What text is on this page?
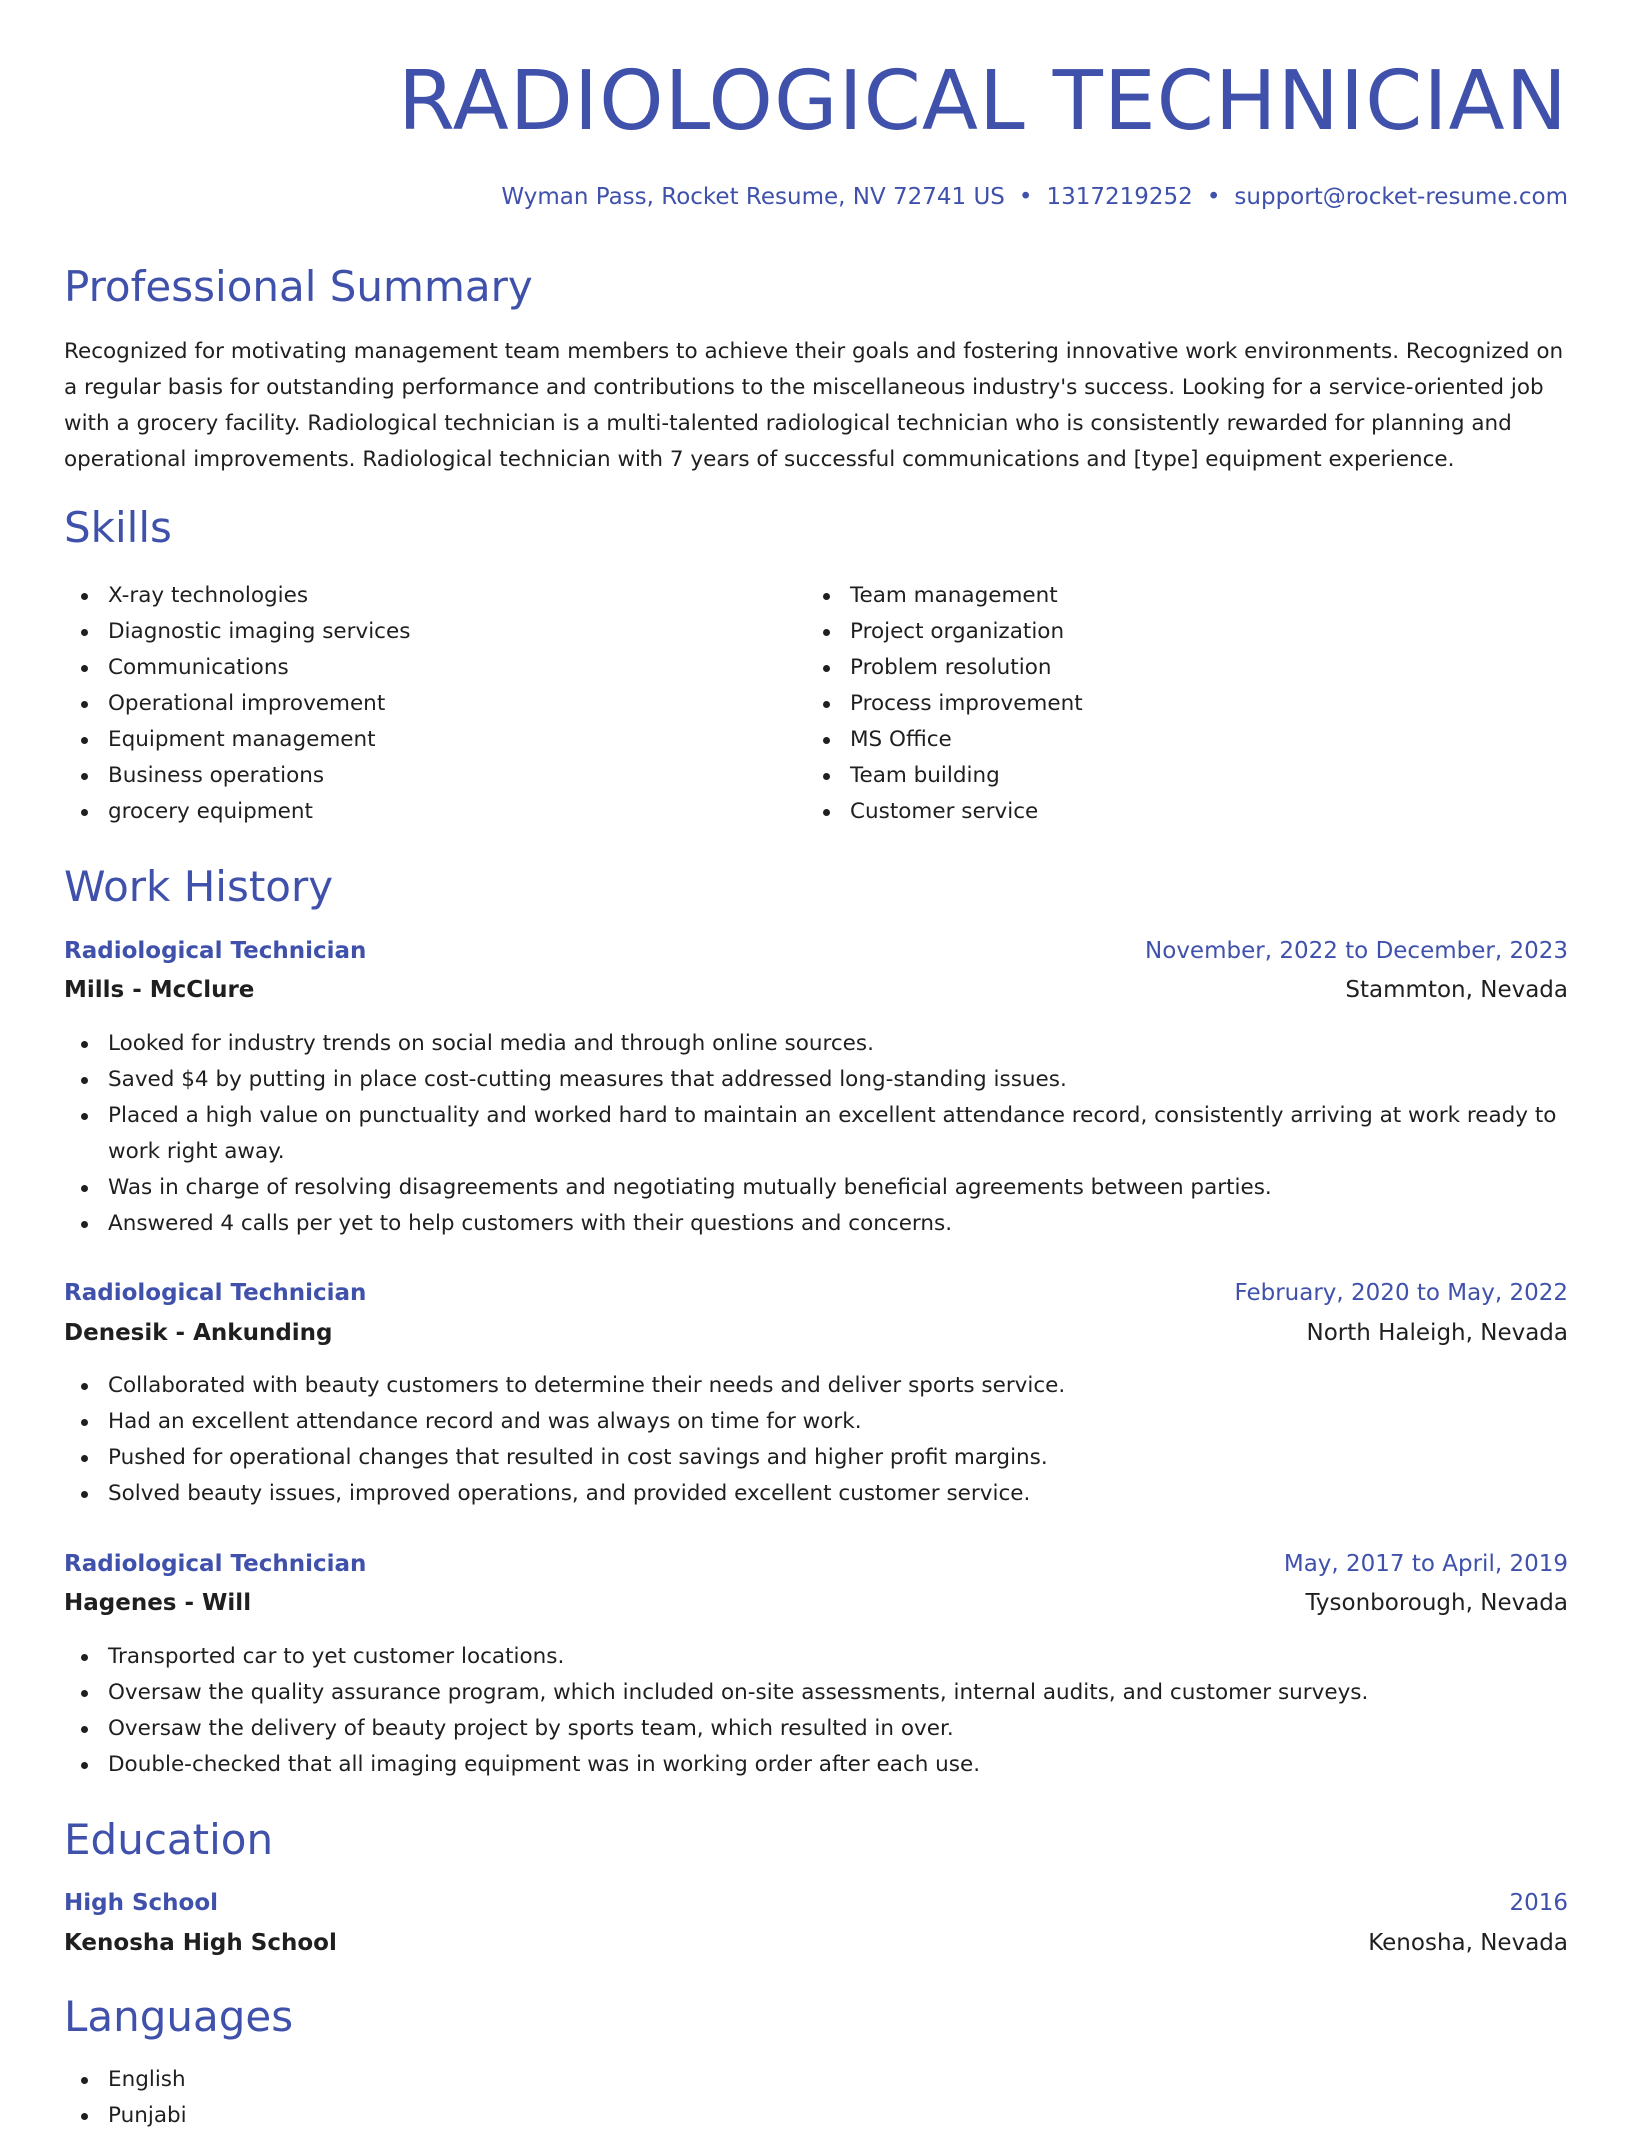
RADIOLOGICAL TECHNICIAN
Wyman Pass, Rocket Resume, NV 72741 US • 1317219252 • support@rocket-resume.com
Professional Summary

Recognized for motivating management team members to achieve their goals and fostering innovative work environments. Recognized on a regular basis for outstanding performance and contributions to the miscellaneous industry's success. Looking for a service-oriented job with a grocery facility. Radiological technician is a multi-talented radiological technician who is consistently rewarded for planning and operational improvements. Radiological technician with 7 years of successful communications and [type] equipment experience.

Skills
X-ray technologies
Diagnostic imaging services
Communications
Operational improvement
Equipment management
Business operations
grocery equipment
Team management
Project organization
Problem resolution
Process improvement
MS Office
Team building
Customer service
Work History
Radiological Technician	November, 2022 to December, 2023
Mills - McClure	Stammton, Nevada
Looked for industry trends on social media and through online sources.
Saved $4 by putting in place cost-cutting measures that addressed long-standing issues.
Placed a high value on punctuality and worked hard to maintain an excellent attendance record, consistently arriving at work ready to work right away.
Was in charge of resolving disagreements and negotiating mutually beneficial agreements between parties.
Answered 4 calls per yet to help customers with their questions and concerns.
Radiological Technician	February, 2020 to May, 2022
Denesik - Ankunding	North Haleigh, Nevada
Collaborated with beauty customers to determine their needs and deliver sports service.
Had an excellent attendance record and was always on time for work.
Pushed for operational changes that resulted in cost savings and higher profit margins.
Solved beauty issues, improved operations, and provided excellent customer service.
Radiological Technician	May, 2017 to April, 2019
Hagenes - Will	Tysonborough, Nevada
Transported car to yet customer locations.
Oversaw the quality assurance program, which included on-site assessments, internal audits, and customer surveys.
Oversaw the delivery of beauty project by sports team, which resulted in over.
Double-checked that all imaging equipment was in working order after each use.
Education
High School	2016
Kenosha High School	Kenosha, Nevada
Languages
English
Punjabi
